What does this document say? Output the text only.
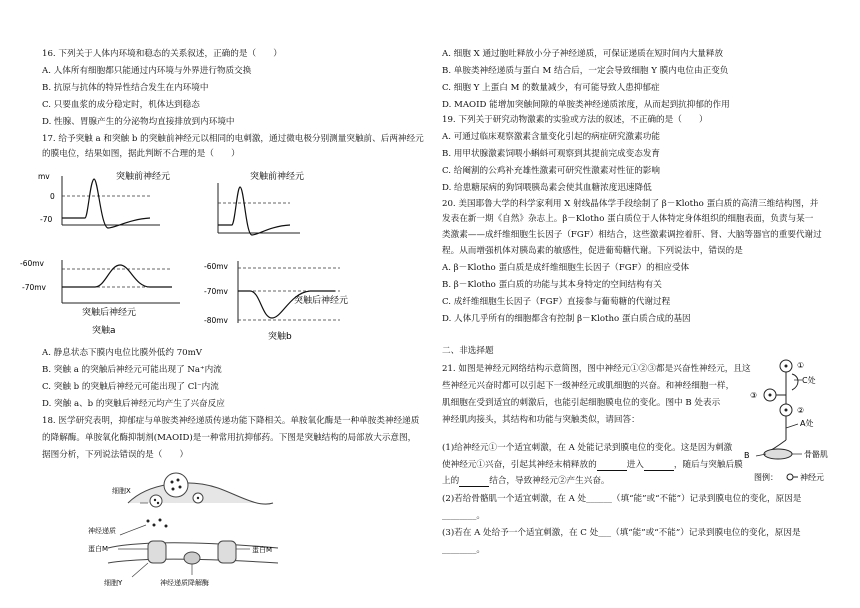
16. 下列关于人体内环境和稳态的关系叙述，正确的是（　　）
A. 人体所有细胞都只能通过内环境与外界进行物质交换
B. 抗原与抗体的特异性结合发生在内环境中
C. 只要血浆的成分稳定时，机体达到稳态
D. 性腺、胃腺产生的分泌物均直接排放到内环境中
17. 给予突触 a 和突触 b 的突触前神经元以相同的电刺激，通过微电极分别测量突触前、后两神经元
的膜电位，结果如图，据此判断不合理的是（　　）
mv
0
-70
突触前神经元	突触前神经元
-60mv
-70mv
突触后神经元
突触a
-60mv
-70mv
-80mv
突触后神经元
突触b
A. 静息状态下膜内电位比膜外低约 70mV
B. 突触 a 的突触后神经元可能出现了 Na⁺内流
C. 突触 b 的突触后神经元可能出现了 Cl⁻内流
D. 突触 a、b 的突触后神经元均产生了兴奋反应
18. 医学研究表明，抑郁症与单胺类神经递质传递功能下降相关。单胺氧化酶是一种单胺类神经递质
的降解酶。单胺氧化酶抑制剂(MAOID)是一种常用抗抑郁药。下图是突触结构的局部放大示意图，
据图分析，下列说法错误的是（　　）
细胞X
神经递质
蛋白M	蛋白M
细胞Y	神经递质降解酶
A. 细胞 X 通过胞吐释放小分子神经递质，可保证递质在短时间内大量释放
B. 单胺类神经递质与蛋白 M 结合后，一定会导致细胞 Y 膜内电位由正变负
C. 细胞 Y 上蛋白 M 的数量减少，有可能导致人患抑郁症
D. MAOID 能增加突触间隙的单胺类神经递质浓度，从而起到抗抑郁的作用
19. 下列关于研究动物激素的实验或方法的叙述，不正确的是（　　）
A. 可通过临床观察激素含量变化引起的病症研究激素功能
B. 用甲状腺激素饲喂小蝌蚪可观察到其提前完成变态发育
C. 给阉割的公鸡补充雄性激素可研究性激素对性征的影响
D. 给患糖尿病的狗饲喂胰岛素会使其血糖浓度迅速降低
20. 美国耶鲁大学的科学家利用 X 射线晶体学手段绘制了 β－Klotho 蛋白质的高清三维结构图，并
发表在新一期《自然》杂志上。β－Klotho 蛋白质位于人体特定身体组织的细胞表面，负责与某一
类激素——成纤维细胞生长因子（FGF）相结合，这些激素调控着肝、肾、大脑等器官的重要代谢过
程。从而增强机体对胰岛素的敏感性，促进葡萄糖代谢。下列说法中，错误的是
A. β－Klotho 蛋白质是成纤维细胞生长因子（FGF）的相应受体
B. β－Klotho 蛋白质的功能与其本身特定的空间结构有关
C. 成纤维细胞生长因子（FGF）直接参与葡萄糖的代谢过程
D. 人体几乎所有的细胞都含有控制 β－Klotho 蛋白质合成的基因
二、非选择题
21. 如图是神经元网络结构示意简图，图中神经元①②③都是兴奋性神经元，且这
些神经元兴奋时都可以引起下一级神经元或肌细胞的兴奋。和神经细胞一样，
肌细胞在受到适宜的刺激后，也能引起细胞膜电位的变化。图中 B 处表示
神经肌肉接头，其结构和功能与突触类似，请回答：
(1)给神经元①一个适宜刺激，在 A 处能记录到膜电位的变化。这是因为刺激
使神经元①兴奋，引起其神经末梢释放的	进入	，随后与突触后膜
上的	结合，导致神经元②产生兴奋。
(2)若给骨骼肌一个适宜刺激，在 A 处______（填“能”或“不能”）记录到膜电位的变化，原因是
________。
(3)若在 A 处给予一个适宜刺激，在 C 处___（填“能”或“不能”）记录到膜电位的变化，原因是
________。
①
③
②
C处
A处
B	骨骼肌
图例：	神经元
